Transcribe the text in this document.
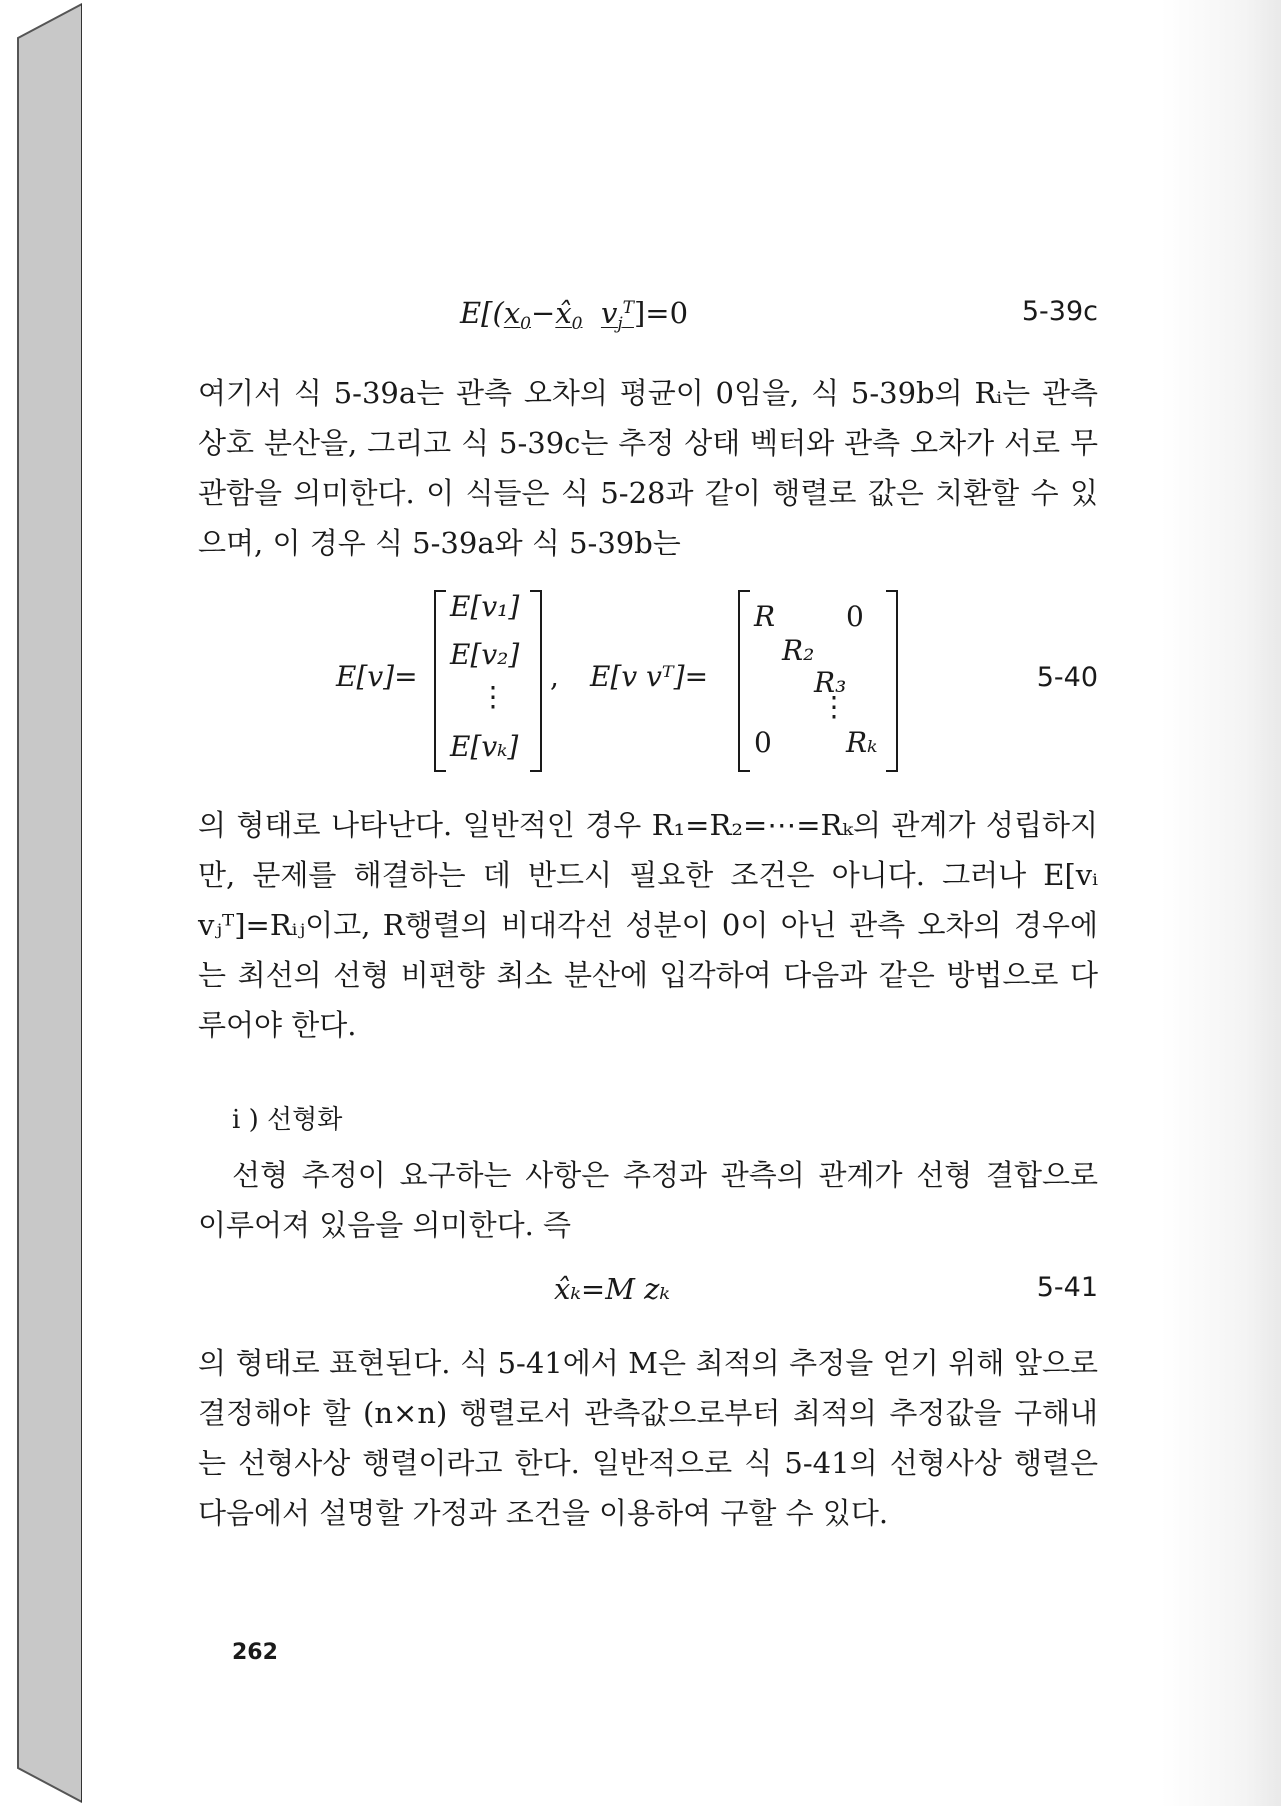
$E[(x_0-x̂_0$ $v_j^T]=0$	5-39c

여기서 식 5-39a는 관측 오차의 평균이 0임을, 식 5-39b의 Rᵢ는 관측 상호 분산을, 그리고 식 5-39c는 추정 상태 벡터와 관측 오차가 서로 무관함을 의미한다. 이 식들은 식 5-28과 같이 행렬로 값은 치환할 수 있으며, 이 경우 식 5-39a와 식 5-39b는

E[v]=
E[v₁]
E[v₂]
⋮
E[vₖ]
, E[v vᵀ]=
R	0
R₂
R₃
⋮
0	Rₖ
5-40

의 형태로 나타난다. 일반적인 경우 R₁=R₂=⋯=Rₖ의 관계가 성립하지만, 문제를 해결하는 데 반드시 필요한 조건은 아니다. 그러나 E[vᵢ vⱼᵀ]=Rᵢⱼ이고, R행렬의 비대각선 성분이 0이 아닌 관측 오차의 경우에는 최선의 선형 비편향 최소 분산에 입각하여 다음과 같은 방법으로 다루어야 한다.

i ) 선형화

선형 추정이 요구하는 사항은 추정과 관측의 관계가 선형 결합으로 이루어져 있음을 의미한다. 즉

x̂ₖ=M zₖ	5-41

의 형태로 표현된다. 식 5-41에서 M은 최적의 추정을 얻기 위해 앞으로 결정해야 할 (n×n) 행렬로서 관측값으로부터 최적의 추정값을 구해내는 선형사상 행렬이라고 한다. 일반적으로 식 5-41의 선형사상 행렬은 다음에서 설명할 가정과 조건을 이용하여 구할 수 있다.

262
